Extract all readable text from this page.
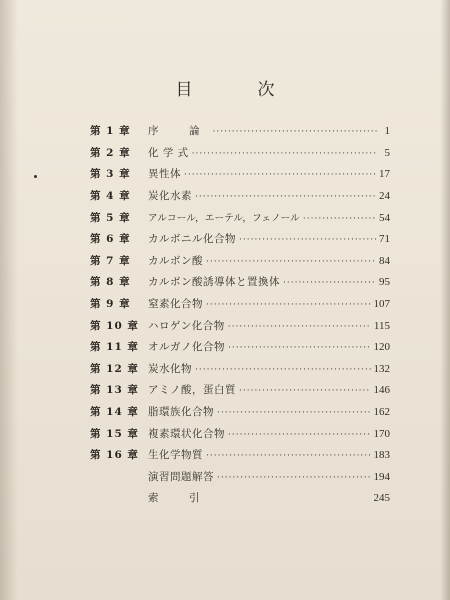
目　次
第 1 章	序　論 ·····	1
第 2 章	化 学 式 ·····	5
第 3 章	異性体 ·····	17
第 4 章	炭化水素 ·····	24
第 5 章	アルコール，エーテル，フェノール ·····	54
第 6 章	カルボニル化合物 ·····	71
第 7 章	カルボン酸 ·····	84
第 8 章	カルボン酸誘導体と置換体 ·····	95
第 9 章	窒素化合物 ·····	107
第 10 章 ハロゲン化合物 ·····	115
第 11 章 オルガノ化合物 ·····	120
第 12 章 炭水化物 ·····	132
第 13 章 アミノ酸，蛋白質 ·····	146
第 14 章 脂環族化合物 ·····	162
第 15 章 複素環状化合物 ·····	170
第 16 章 生化学物質 ·····	183
演習問題解答 ·····	194
索　引	245
